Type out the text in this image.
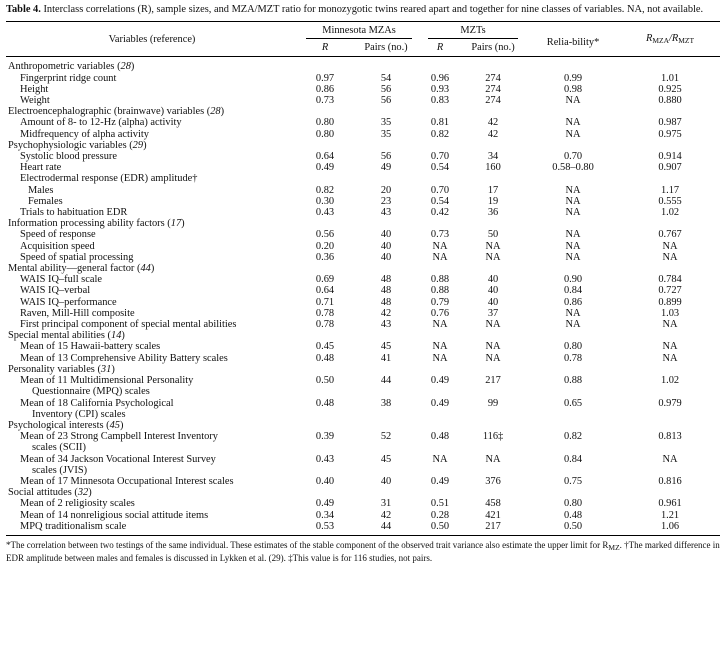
Table 4. Interclass correlations (R), sample sizes, and MZA/MZT ratio for monozygotic twins reared apart and together for nine classes of variables. NA, not available.
Variables (reference)	Minnesota MZAs		MZTs		Relia-bility*	$R_{MZA}/R_{MZT}$
	R	Pairs (no.)	R	Pairs (no.)		
Anthropometric variables (28)						
Fingerprint ridge count	0.97	54	0.96	274	0.99	1.01
Height	0.86	56	0.93	274	0.98	0.925
Weight	0.73	56	0.83	274	NA	0.880
Electroencephalographic (brainwave) variables (28)						
Amount of 8- to 12-Hz (alpha) activity	0.80	35	0.81	42	NA	0.987
Midfrequency of alpha activity	0.80	35	0.82	42	NA	0.975
Psychophysiologic variables (29)						
Systolic blood pressure	0.64	56	0.70	34	0.70	0.914
Heart rate	0.49	49	0.54	160	0.58–0.80	0.907
Electrodermal response (EDR) amplitude†						
Males	0.82	20	0.70	17	NA	1.17
Females	0.30	23	0.54	19	NA	0.555
Trials to habituation EDR	0.43	43	0.42	36	NA	1.02
Information processing ability factors (17)						
Speed of response	0.56	40	0.73	50	NA	0.767
Acquisition speed	0.20	40	NA	NA	NA	NA
Speed of spatial processing	0.36	40	NA	NA	NA	NA
Mental ability—general factor (44)						
WAIS IQ–full scale	0.69	48	0.88	40	0.90	0.784
WAIS IQ–verbal	0.64	48	0.88	40	0.84	0.727
WAIS IQ–performance	0.71	48	0.79	40	0.86	0.899
Raven, Mill-Hill composite	0.78	42	0.76	37	NA	1.03
First principal component of special mental abilities	0.78	43	NA	NA	NA	NA
Special mental abilities (14)						
Mean of 15 Hawaii-battery scales	0.45	45	NA	NA	0.80	NA
Mean of 13 Comprehensive Ability Battery scales	0.48	41	NA	NA	0.78	NA
Personality variables (31)						
Mean of 11 Multidimensional Personality	0.50	44	0.49	217	0.88	1.02
Questionnaire (MPQ) scales						
Mean of 18 California Psychological	0.48	38	0.49	99	0.65	0.979
Inventory (CPI) scales						
Psychological interests (45)						
Mean of 23 Strong Campbell Interest Inventory	0.39	52	0.48	116‡	0.82	0.813
scales (SCII)						
Mean of 34 Jackson Vocational Interest Survey	0.43	45	NA	NA	0.84	NA
scales (JVIS)						
Mean of 17 Minnesota Occupational Interest scales	0.40	40	0.49	376	0.75	0.816
Social attitudes (32)						
Mean of 2 religiosity scales	0.49	31	0.51	458	0.80	0.961
Mean of 14 nonreligious social attitude items	0.34	42	0.28	421	0.48	1.21
MPQ traditionalism scale	0.53	44	0.50	217	0.50	1.06
*The correlation between two testings of the same individual. These estimates of the stable component of the observed trait variance also estimate the upper limit for $R_{MZ}$. †The marked difference in EDR amplitude between males and females is discussed in Lykken et al. (29). ‡This value is for 116 studies, not pairs.
